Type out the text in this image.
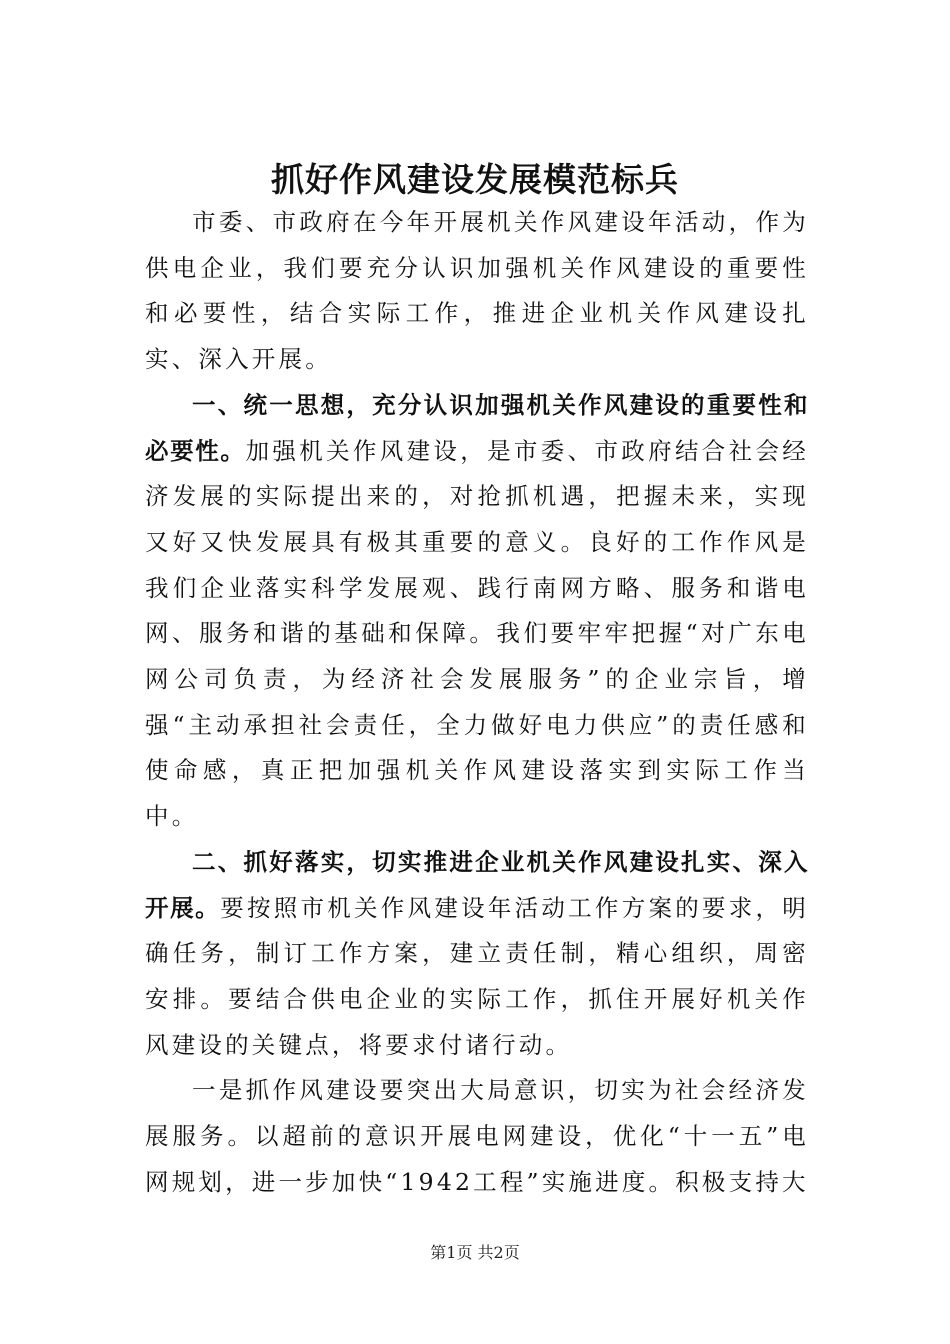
抓好作风建设发展模范标兵

市委、市政府在今年开展机关作风建设年活动，作为供电企业，我们要充分认识加强机关作风建设的重要性和必要性，结合实际工作，推进企业机关作风建设扎实、深入开展。

一、统一思想，充分认识加强机关作风建设的重要性和必要性。加强机关作风建设，是市委、市政府结合社会经济发展的实际提出来的，对抢抓机遇，把握未来，实现又好又快发展具有极其重要的意义。良好的工作作风是我们企业落实科学发展观、践行南网方略、服务和谐电网、服务和谐的基础和保障。我们要牢牢把握“对广东电网公司负责，为经济社会发展服务”的企业宗旨，增强“主动承担社会责任，全力做好电力供应”的责任感和使命感，真正把加强机关作风建设落实到实际工作当中。

二、抓好落实，切实推进企业机关作风建设扎实、深入开展。要按照市机关作风建设年活动工作方案的要求，明确任务，制订工作方案，建立责任制，精心组织，周密安排。要结合供电企业的实际工作，抓住开展好机关作风建设的关键点，将要求付诸行动。

一是抓作风建设要突出大局意识，切实为社会经济发展服务。以超前的意识开展电网建设，优化“十一五”电网规划，进一步加快“1942工程”实施进度。积极支持大

第1页 共2页
